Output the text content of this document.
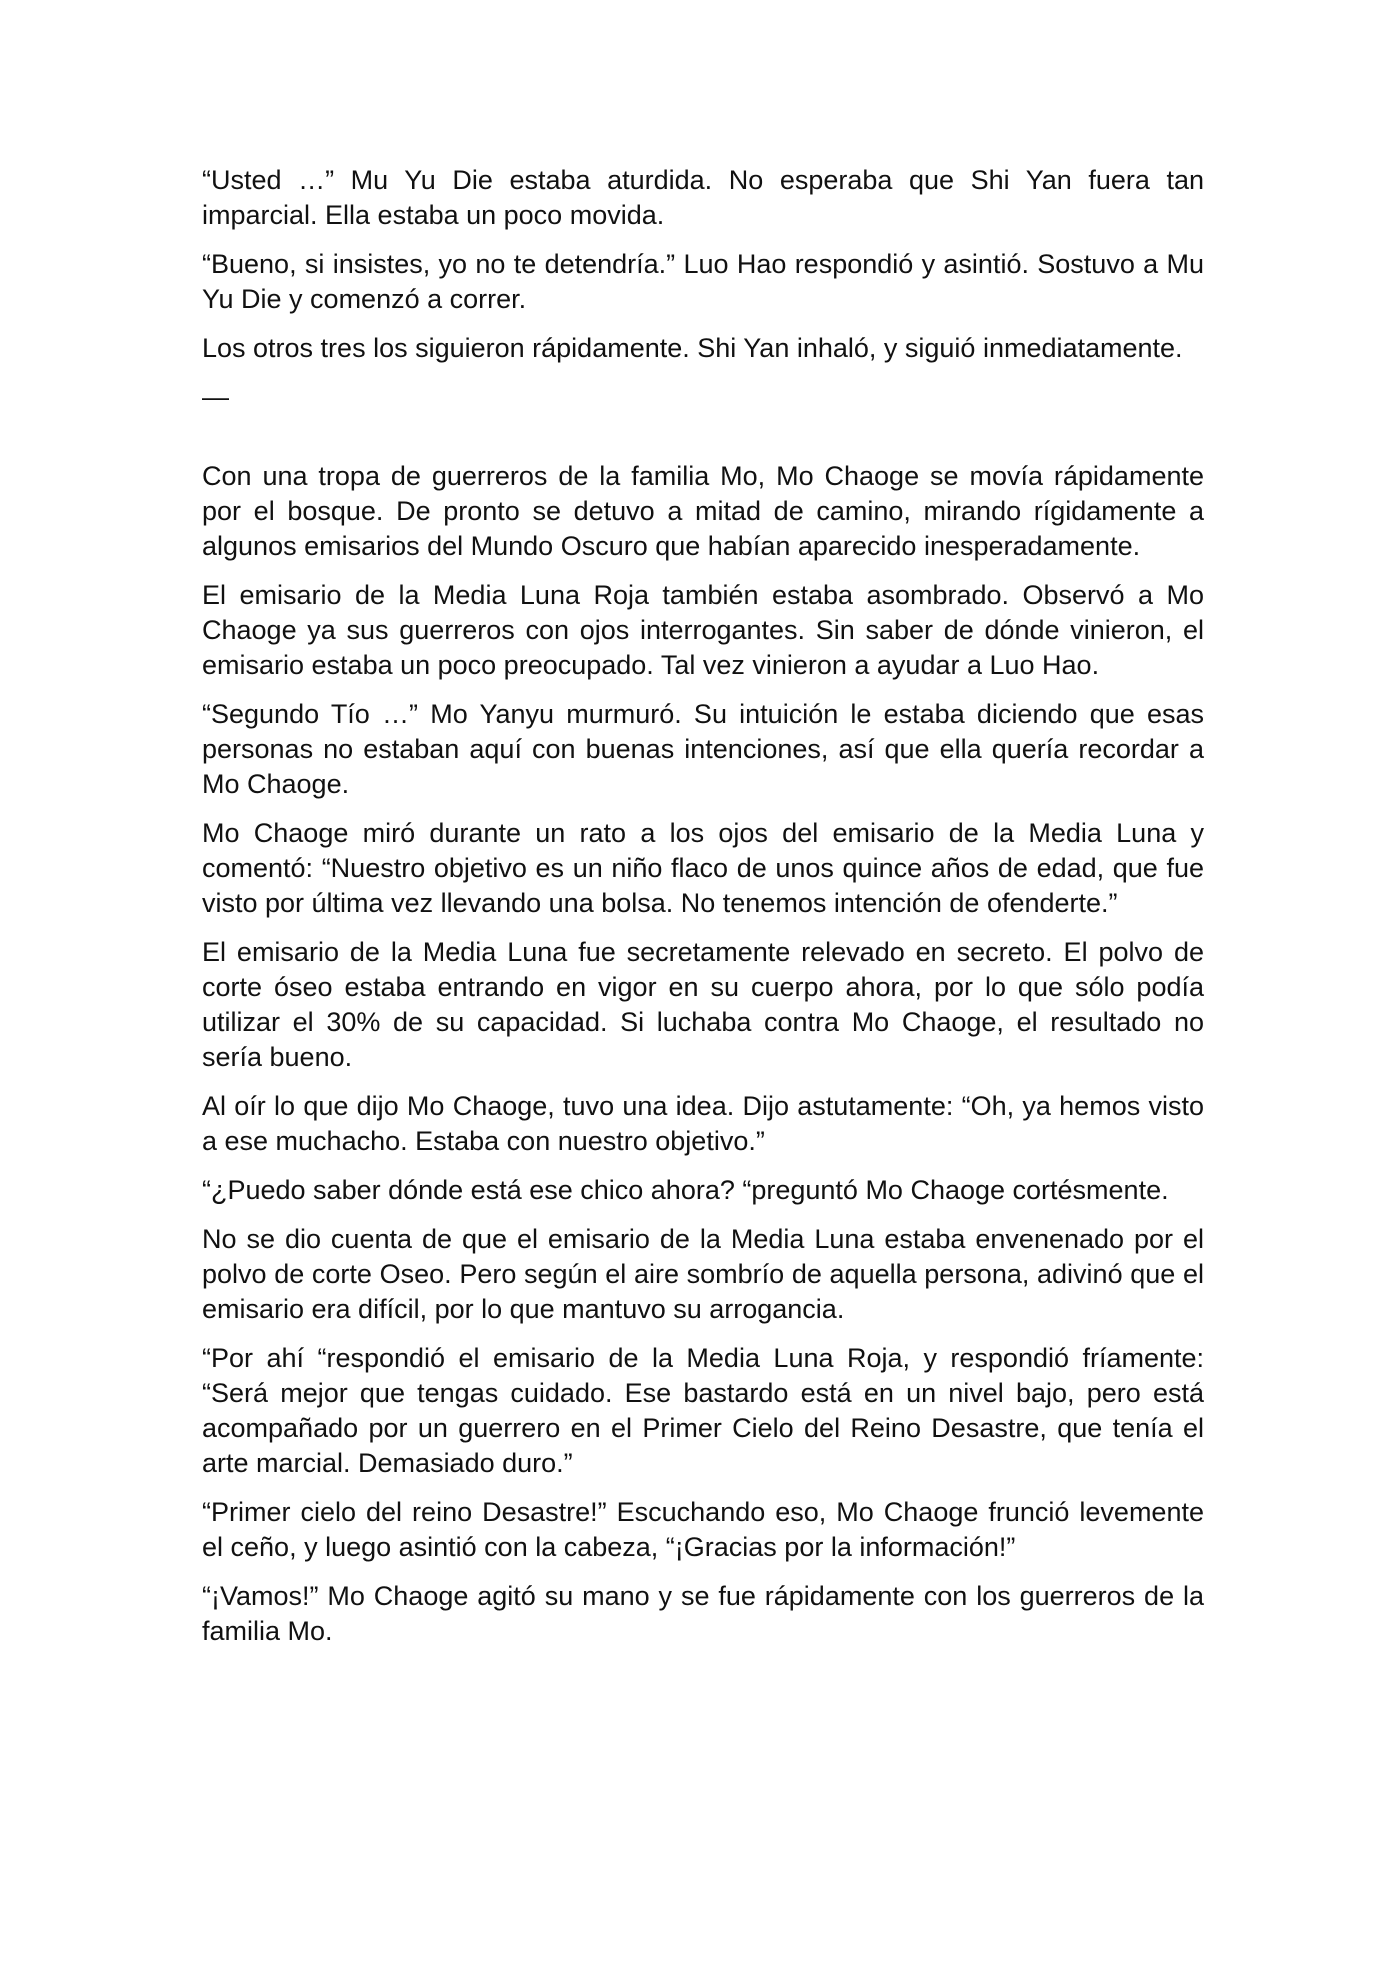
“Usted …” Mu Yu Die estaba aturdida. No esperaba que Shi Yan fuera tan imparcial. Ella estaba un poco movida.

“Bueno, si insistes, yo no te detendría.” Luo Hao respondió y asintió. Sostuvo a Mu Yu Die y comenzó a correr.

Los otros tres los siguieron rápidamente. Shi Yan inhaló, y siguió inmediatamente.

—

Con una tropa de guerreros de la familia Mo, Mo Chaoge se movía rápidamente por el bosque. De pronto se detuvo a mitad de camino, mirando rígidamente a algunos emisarios del Mundo Oscuro que habían aparecido inesperadamente.

El emisario de la Media Luna Roja también estaba asombrado. Observó a Mo Chaoge ya sus guerreros con ojos interrogantes. Sin saber de dónde vinieron, el emisario estaba un poco preocupado. Tal vez vinieron a ayudar a Luo Hao.

“Segundo Tío …” Mo Yanyu murmuró. Su intuición le estaba diciendo que esas personas no estaban aquí con buenas intenciones, así que ella quería recordar a Mo Chaoge.

Mo Chaoge miró durante un rato a los ojos del emisario de la Media Luna y comentó: “Nuestro objetivo es un niño flaco de unos quince años de edad, que fue visto por última vez llevando una bolsa. No tenemos intención de ofenderte.”

El emisario de la Media Luna fue secretamente relevado en secreto. El polvo de corte óseo estaba entrando en vigor en su cuerpo ahora, por lo que sólo podía utilizar el 30% de su capacidad. Si luchaba contra Mo Chaoge, el resultado no sería bueno.

Al oír lo que dijo Mo Chaoge, tuvo una idea. Dijo astutamente: “Oh, ya hemos visto a ese muchacho. Estaba con nuestro objetivo.”

“¿Puedo saber dónde está ese chico ahora? “preguntó Mo Chaoge cortésmente.

No se dio cuenta de que el emisario de la Media Luna estaba envenenado por el polvo de corte Oseo. Pero según el aire sombrío de aquella persona, adivinó que el emisario era difícil, por lo que mantuvo su arrogancia.

“Por ahí “respondió el emisario de la Media Luna Roja, y respondió fríamente: “Será mejor que tengas cuidado. Ese bastardo está en un nivel bajo, pero está acompañado por un guerrero en el Primer Cielo del Reino Desastre, que tenía el arte marcial. Demasiado duro.”

“Primer cielo del reino Desastre!” Escuchando eso, Mo Chaoge frunció levemente el ceño, y luego asintió con la cabeza, “¡Gracias por la información!”

“¡Vamos!” Mo Chaoge agitó su mano y se fue rápidamente con los guerreros de la familia Mo.
